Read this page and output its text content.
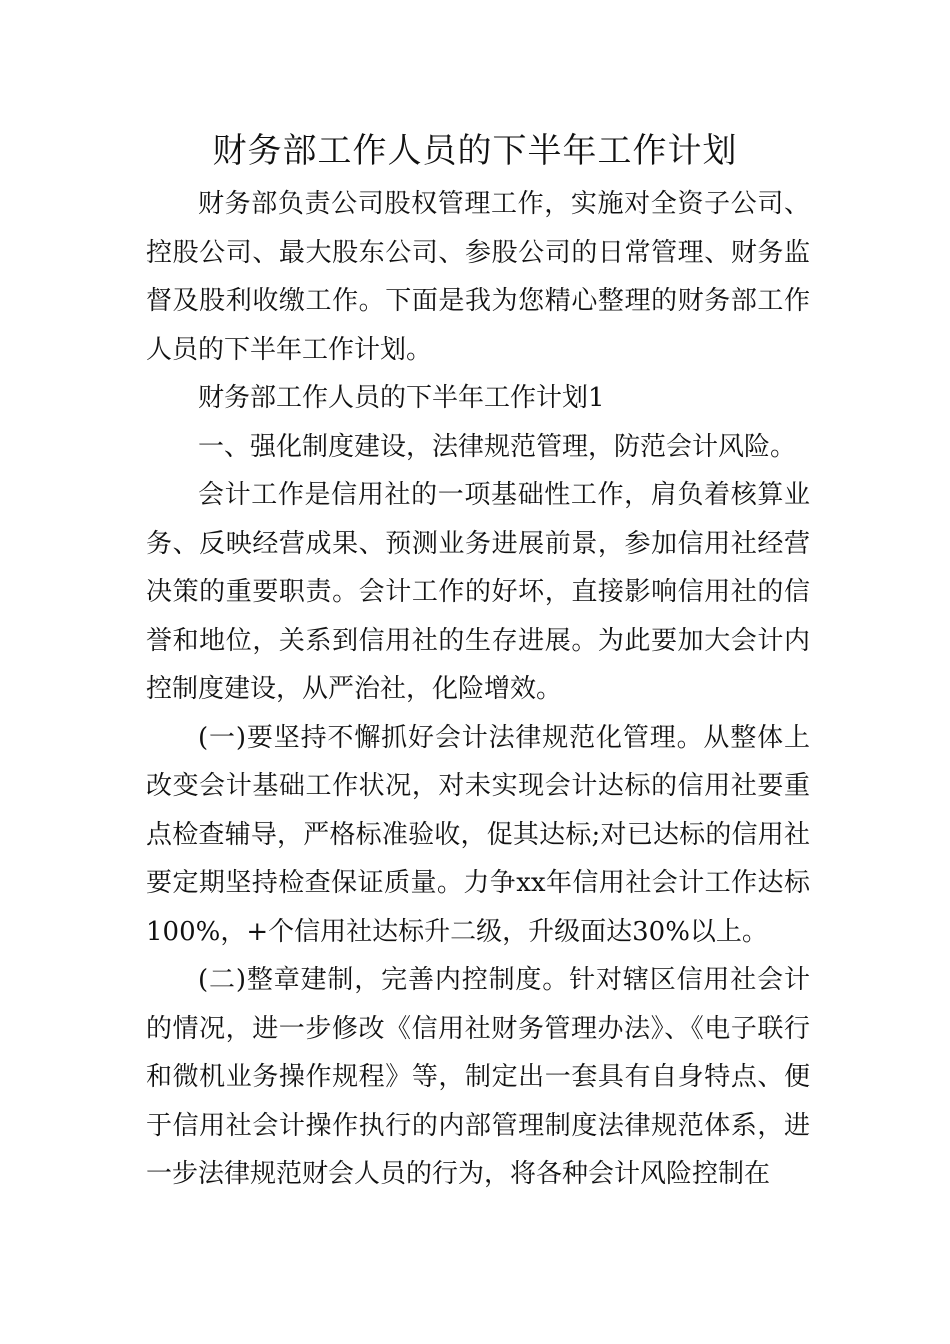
财务部工作人员的下半年工作计划

财务部负责公司股权管理工作，实施对全资子公司、控股公司、最大股东公司、参股公司的日常管理、财务监督及股利收缴工作。下面是我为您精心整理的财务部工作人员的下半年工作计划。

财务部工作人员的下半年工作计划1

一、强化制度建设，法律规范管理，防范会计风险。

会计工作是信用社的一项基础性工作，肩负着核算业务、反映经营成果、预测业务进展前景，参加信用社经营决策的重要职责。会计工作的好坏，直接影响信用社的信誉和地位，关系到信用社的生存进展。为此要加大会计内控制度建设，从严治社，化险增效。

(一)要坚持不懈抓好会计法律规范化管理。从整体上改变会计基础工作状况，对未实现会计达标的信用社要重点检查辅导，严格标准验收，促其达标;对已达标的信用社要定期坚持检查保证质量。力争xx年信用社会计工作达标100%，+个信用社达标升二级，升级面达30%以上。

(二)整章建制，完善内控制度。针对辖区信用社会计的情况，进一步修改《信用社财务管理办法》、《电子联行和微机业务操作规程》等，制定出一套具有自身特点、便于信用社会计操作执行的内部管理制度法律规范体系，进一步法律规范财会人员的行为，将各种会计风险控制在
